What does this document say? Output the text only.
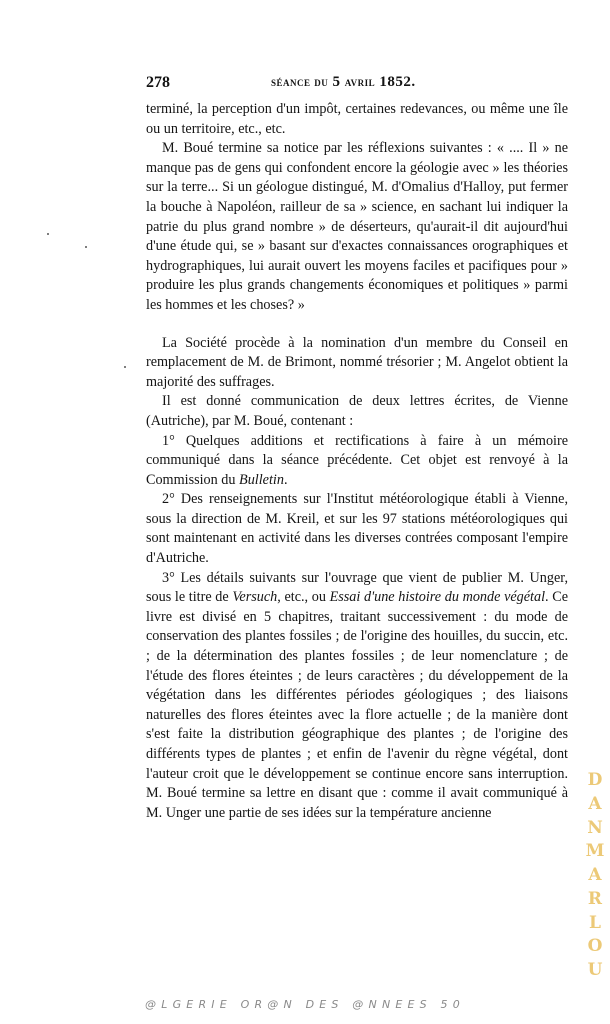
278	séance du 5 avril 1852.

terminé, la perception d'un impôt, certaines redevances, ou même une île ou un territoire, etc., etc.

M. Boué termine sa notice par les réflexions suivantes : « .... Il » ne manque pas de gens qui confondent encore la géologie avec » les théories sur la terre... Si un géologue distingué, M. d'Omalius d'Halloy, put fermer la bouche à Napoléon, railleur de sa » science, en sachant lui indiquer la patrie du plus grand nombre » de déserteurs, qu'aurait-il dit aujourd'hui d'une étude qui, se » basant sur d'exactes connaissances orographiques et hydrographiques, lui aurait ouvert les moyens faciles et pacifiques pour » produire les plus grands changements économiques et politiques » parmi les hommes et les choses? »

La Société procède à la nomination d'un membre du Conseil en remplacement de M. de Brimont, nommé trésorier ; M. Angelot obtient la majorité des suffrages.

Il est donné communication de deux lettres écrites, de Vienne (Autriche), par M. Boué, contenant :

1° Quelques additions et rectifications à faire à un mémoire communiqué dans la séance précédente. Cet objet est renvoyé à la Commission du Bulletin.

2° Des renseignements sur l'Institut météorologique établi à Vienne, sous la direction de M. Kreil, et sur les 97 stations météorologiques qui sont maintenant en activité dans les diverses contrées composant l'empire d'Autriche.

3° Les détails suivants sur l'ouvrage que vient de publier M. Unger, sous le titre de Versuch, etc., ou Essai d'une histoire du monde végétal. Ce livre est divisé en 5 chapitres, traitant successivement : du mode de conservation des plantes fossiles ; de l'origine des houilles, du succin, etc. ; de la détermination des plantes fossiles ; de leur nomenclature ; de l'étude des flores éteintes ; de leurs caractères ; du développement de la végétation dans les différentes périodes géologiques ; des liaisons naturelles des flores éteintes avec la flore actuelle ; de la manière dont s'est faite la distribution géographique des plantes ; de l'origine des différents types de plantes ; et enfin de l'avenir du règne végétal, dont l'auteur croit que le développement se continue encore sans interruption. M. Boué termine sa lettre en disant que : comme il avait communiqué à M. Unger une partie de ses idées sur la température ancienne

D
A
N
M
A
R
L
O
U
@LGERIE OR@N DES @NNEES 50
